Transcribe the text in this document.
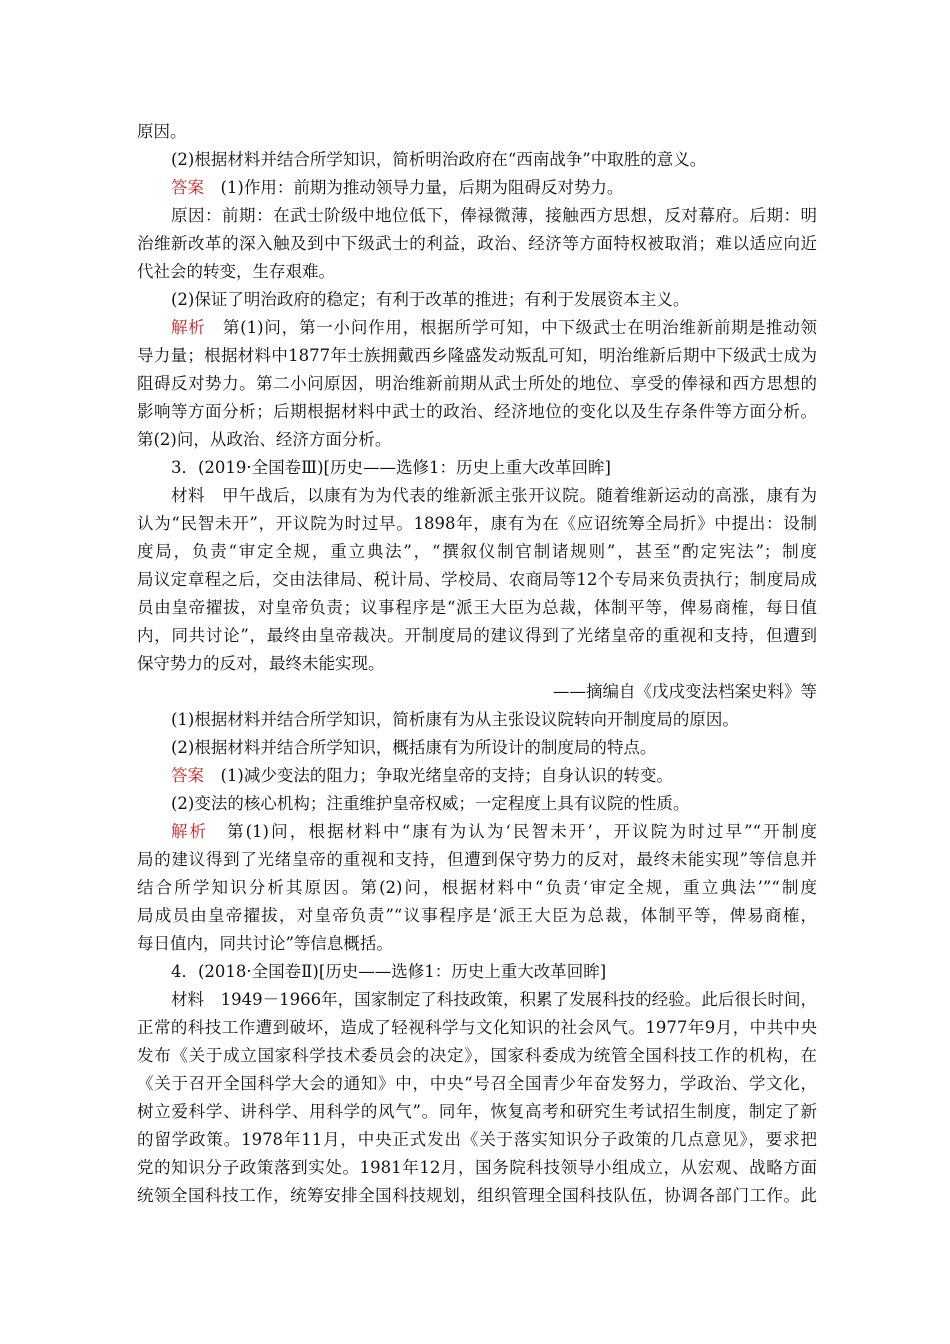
原因。
(2)根据材料并结合所学知识，简析明治政府在“西南战争”中取胜的意义。
答案　(1)作用：前期为推动领导力量，后期为阻碍反对势力。
原因：前期：在武士阶级中地位低下，俸禄微薄，接触西方思想，反对幕府。后期：明
治维新改革的深入触及到中下级武士的利益，政治、经济等方面特权被取消；难以适应向近
代社会的转变，生存艰难。
(2)保证了明治政府的稳定；有利于改革的推进；有利于发展资本主义。
解析　第(1)问，第一小问作用，根据所学可知，中下级武士在明治维新前期是推动领
导力量；根据材料中1877年士族拥戴西乡隆盛发动叛乱可知，明治维新后期中下级武士成为
阻碍反对势力。第二小问原因，明治维新前期从武士所处的地位、享受的俸禄和西方思想的
影响等方面分析；后期根据材料中武士的政治、经济地位的变化以及生存条件等方面分析。
第(2)问，从政治、经济方面分析。
3．(2019·全国卷Ⅲ)[历史——选修1：历史上重大改革回眸]
材料　甲午战后，以康有为为代表的维新派主张开议院。随着维新运动的高涨，康有为
认为“民智未开”，开议院为时过早。1898年，康有为在《应诏统筹全局折》中提出：设制
度局，负责“审定全规，重立典法”，“撰叙仪制官制诸规则”，甚至“酌定宪法”；制度
局议定章程之后，交由法律局、税计局、学校局、农商局等12个专局来负责执行；制度局成
员由皇帝擢拔，对皇帝负责；议事程序是“派王大臣为总裁，体制平等，俾易商榷，每日值
内，同共讨论”，最终由皇帝裁决。开制度局的建议得到了光绪皇帝的重视和支持，但遭到
保守势力的反对，最终未能实现。
——摘编自《戊戌变法档案史料》等
(1)根据材料并结合所学知识，简析康有为从主张设议院转向开制度局的原因。
(2)根据材料并结合所学知识，概括康有为所设计的制度局的特点。
答案　(1)减少变法的阻力；争取光绪皇帝的支持；自身认识的转变。
(2)变法的核心机构；注重维护皇帝权威；一定程度上具有议院的性质。
解析　第(1)问，根据材料中“康有为认为‘民智未开’，开议院为时过早”“开制度
局的建议得到了光绪皇帝的重视和支持，但遭到保守势力的反对，最终未能实现”等信息并
结合所学知识分析其原因。第(2)问，根据材料中“负责‘审定全规，重立典法’”“制度
局成员由皇帝擢拔，对皇帝负责”“议事程序是‘派王大臣为总裁，体制平等，俾易商榷，
每日值内，同共讨论”等信息概括。
4．(2018·全国卷Ⅱ)[历史——选修1：历史上重大改革回眸]
材料　1949－1966年，国家制定了科技政策，积累了发展科技的经验。此后很长时间，
正常的科技工作遭到破坏，造成了轻视科学与文化知识的社会风气。1977年9月，中共中央
发布《关于成立国家科学技术委员会的决定》，国家科委成为统管全国科技工作的机构，在
《关于召开全国科学大会的通知》中，中央“号召全国青少年奋发努力，学政治、学文化，
树立爱科学、讲科学、用科学的风气”。同年，恢复高考和研究生考试招生制度，制定了新
的留学政策。1978年11月，中央正式发出《关于落实知识分子政策的几点意见》，要求把
党的知识分子政策落到实处。1981年12月，国务院科技领导小组成立，从宏观、战略方面
统领全国科技工作，统筹安排全国科技规划，组织管理全国科技队伍，协调各部门工作。此
